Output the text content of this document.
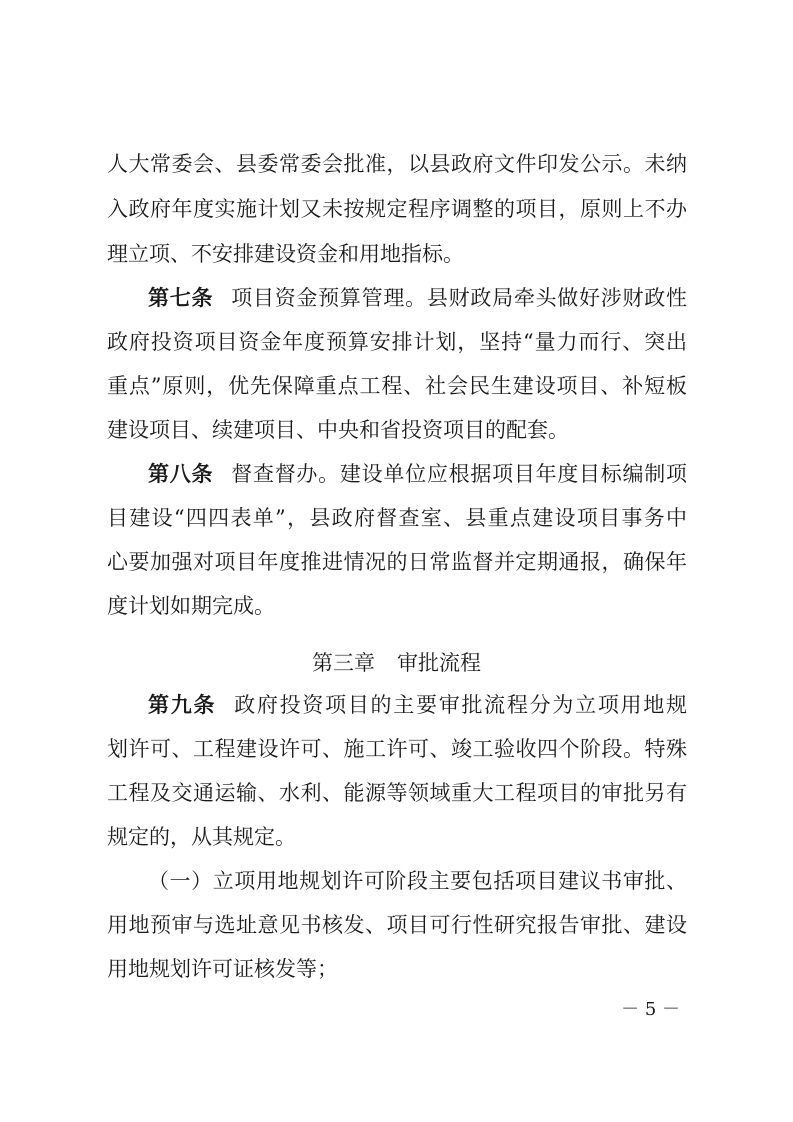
人大常委会、县委常委会批准，以县政府文件印发公示。未纳
入政府年度实施计划又未按规定程序调整的项目，原则上不办
理立项、不安排建设资金和用地指标。
第七条 项目资金预算管理。县财政局牵头做好涉财政性
政府投资项目资金年度预算安排计划，坚持“量力而行、突出
重点”原则，优先保障重点工程、社会民生建设项目、补短板
建设项目、续建项目、中央和省投资项目的配套。
第八条 督查督办。建设单位应根据项目年度目标编制项
目建设“四四表单”，县政府督查室、县重点建设项目事务中
心要加强对项目年度推进情况的日常监督并定期通报，确保年
度计划如期完成。
第三章 审批流程
第九条 政府投资项目的主要审批流程分为立项用地规
划许可、工程建设许可、施工许可、竣工验收四个阶段。特殊
工程及交通运输、水利、能源等领域重大工程项目的审批另有
规定的，从其规定。
（一）立项用地规划许可阶段主要包括项目建议书审批、
用地预审与选址意见书核发、项目可行性研究报告审批、建设
用地规划许可证核发等；
－ 5 －
